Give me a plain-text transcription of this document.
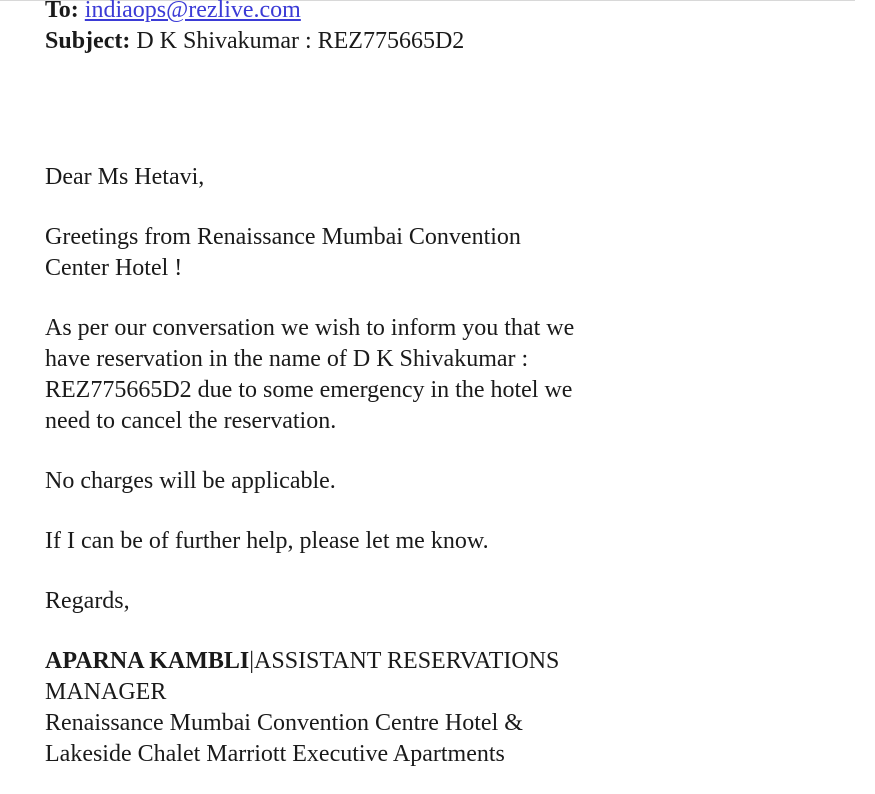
To: indiaops@rezlive.com

Subject: D K Shivakumar : REZ775665D2

Dear Ms Hetavi,

Greetings from Renaissance Mumbai Convention
Center Hotel !

As per our conversation we wish to inform you that we
have reservation in the name of D K Shivakumar :
REZ775665D2 due to some emergency in the hotel we
need to cancel the reservation.

No charges will be applicable.

If I can be of further help, please let me know.

Regards,

APARNA KAMBLI|ASSISTANT RESERVATIONS

MANAGER

Renaissance Mumbai Convention Centre Hotel &

Lakeside Chalet Marriott Executive Apartments
